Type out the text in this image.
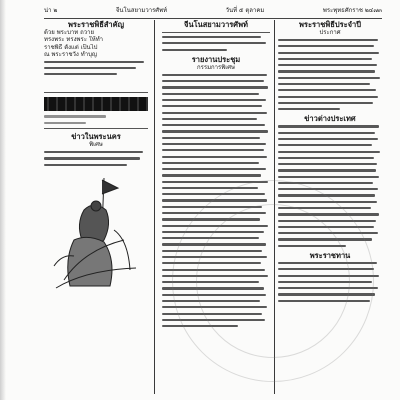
น่า ๒	จีนโนสยามวารศัพท์	วันที่ ๕ ตุลาคม	พระพุทธศักราช ๒๔๗๓
พระราชพิธีสำคัญ
ด้วย พระบาท ถวาย
ทรงพระ ทรงพระ ให้ทำ
ราชพิธี ตั้งแต่ เป็นไป
ณ พระราชวัง ทำบุญ
ข่าวในพระนคร
พิเศษ
จีนโนสยามวารศัพท์
รายงานประชุม
กรรมการพิเศษ
พระราชพิธีประจำปี
ประกาศ
ข่าวต่างประเทศ
พระราชทาน
